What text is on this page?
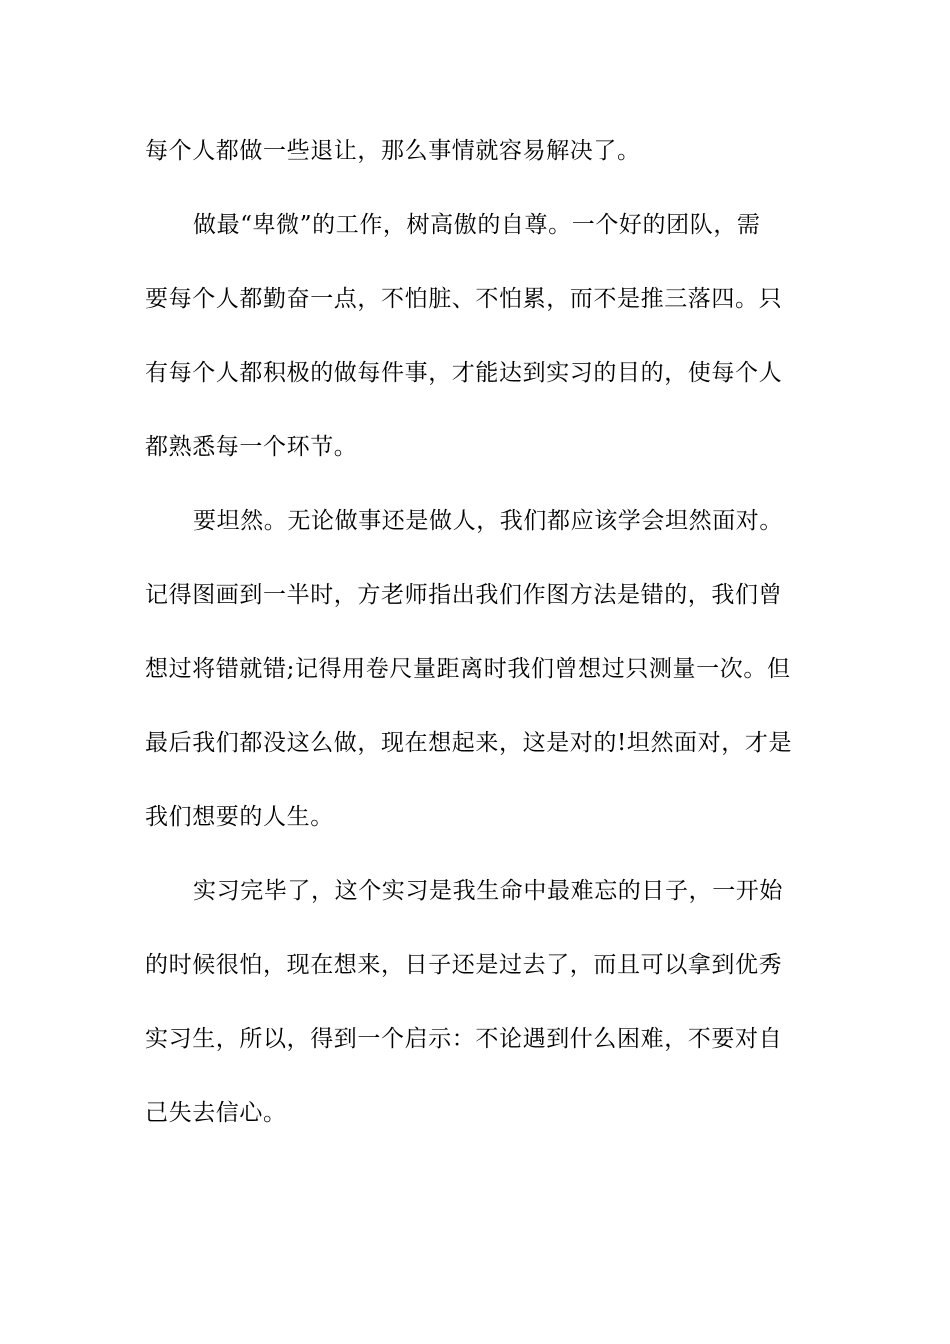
每个人都做一些退让，那么事情就容易解决了。
做最“卑微”的工作，树高傲的自尊。一个好的团队，需
要每个人都勤奋一点，不怕脏、不怕累，而不是推三落四。只
有每个人都积极的做每件事，才能达到实习的目的，使每个人
都熟悉每一个环节。
要坦然。无论做事还是做人，我们都应该学会坦然面对。
记得图画到一半时，方老师指出我们作图方法是错的，我们曾
想过将错就错;记得用卷尺量距离时我们曾想过只测量一次。但
最后我们都没这么做，现在想起来，这是对的!坦然面对，才是
我们想要的人生。
实习完毕了，这个实习是我生命中最难忘的日子，一开始
的时候很怕，现在想来，日子还是过去了，而且可以拿到优秀
实习生，所以，得到一个启示：不论遇到什么困难，不要对自
己失去信心。
